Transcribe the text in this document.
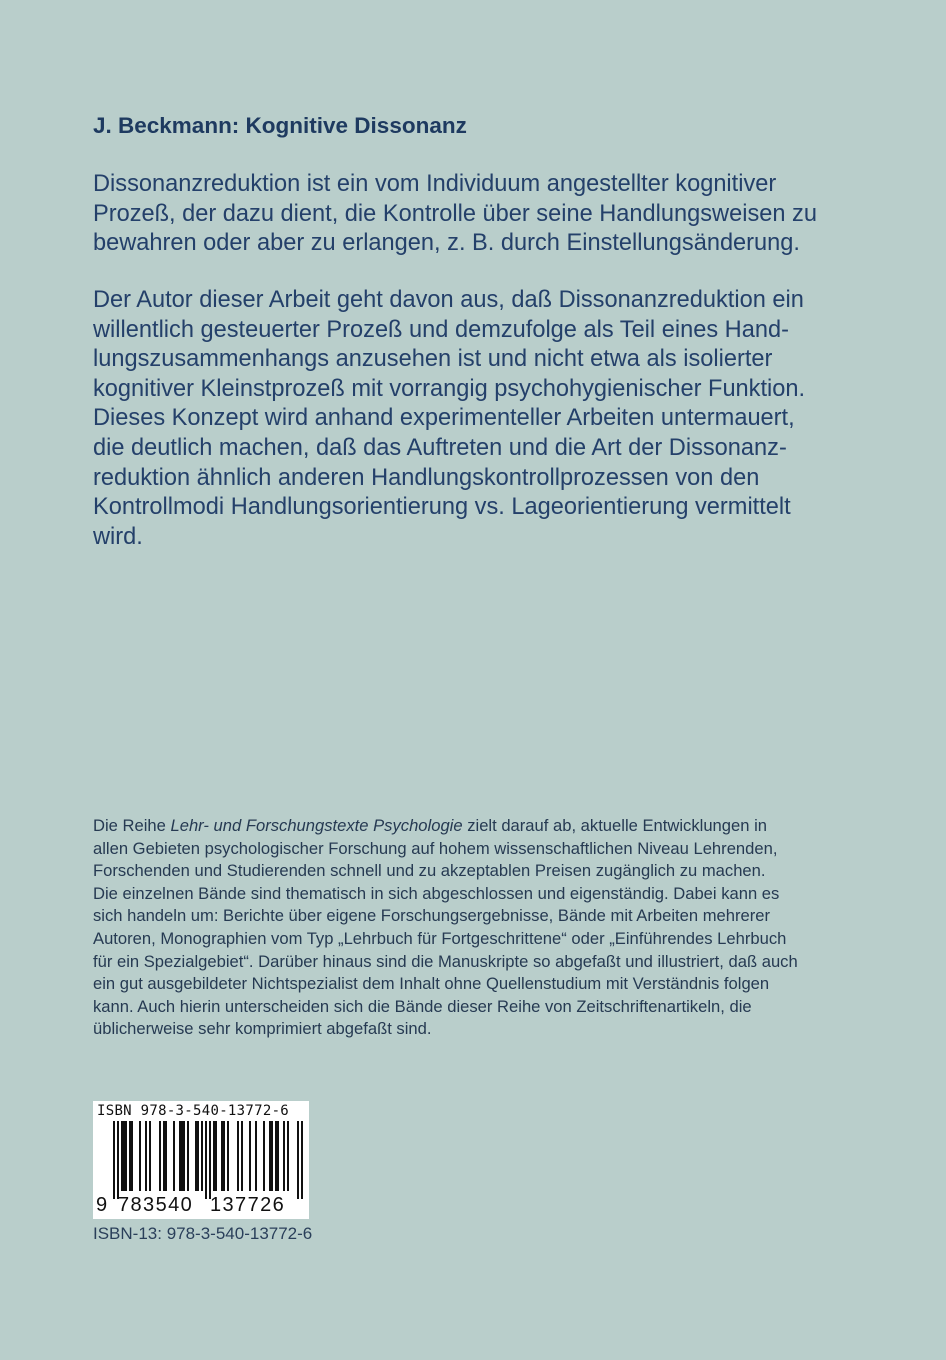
J. Beckmann: Kognitive Dissonanz
Dissonanzreduktion ist ein vom Individuum angestellter kognitiver
Prozeß, der dazu dient, die Kontrolle über seine Handlungsweisen zu
bewahren oder aber zu erlangen, z. B. durch Einstellungsänderung.
Der Autor dieser Arbeit geht davon aus, daß Dissonanzreduktion ein
willentlich gesteuerter Prozeß und demzufolge als Teil eines Hand-
lungszusammenhangs anzusehen ist und nicht etwa als isolierter
kognitiver Kleinstprozeß mit vorrangig psychohygienischer Funktion.
Dieses Konzept wird anhand experimenteller Arbeiten untermauert,
die deutlich machen, daß das Auftreten und die Art der Dissonanz-
reduktion ähnlich anderen Handlungskontrollprozessen von den
Kontrollmodi Handlungsorientierung vs. Lageorientierung vermittelt
wird.
Die Reihe Lehr- und Forschungstexte Psychologie zielt darauf ab, aktuelle Entwicklungen in
allen Gebieten psychologischer Forschung auf hohem wissenschaftlichen Niveau Lehrenden,
Forschenden und Studierenden schnell und zu akzeptablen Preisen zugänglich zu machen.
Die einzelnen Bände sind thematisch in sich abgeschlossen und eigenständig. Dabei kann es
sich handeln um: Berichte über eigene Forschungsergebnisse, Bände mit Arbeiten mehrerer
Autoren, Monographien vom Typ „Lehrbuch für Fortgeschrittene“ oder „Einführendes Lehrbuch
für ein Spezialgebiet“. Darüber hinaus sind die Manuskripte so abgefaßt und illustriert, daß auch
ein gut ausgebildeter Nichtspezialist dem Inhalt ohne Quellenstudium mit Verständnis folgen
kann. Auch hierin unterscheiden sich die Bände dieser Reihe von Zeitschriftenartikeln, die
üblicherweise sehr komprimiert abgefaßt sind.
ISBN 978-3-540-13772-6
9 783540 137726
ISBN-13: 978-3-540-13772-6
